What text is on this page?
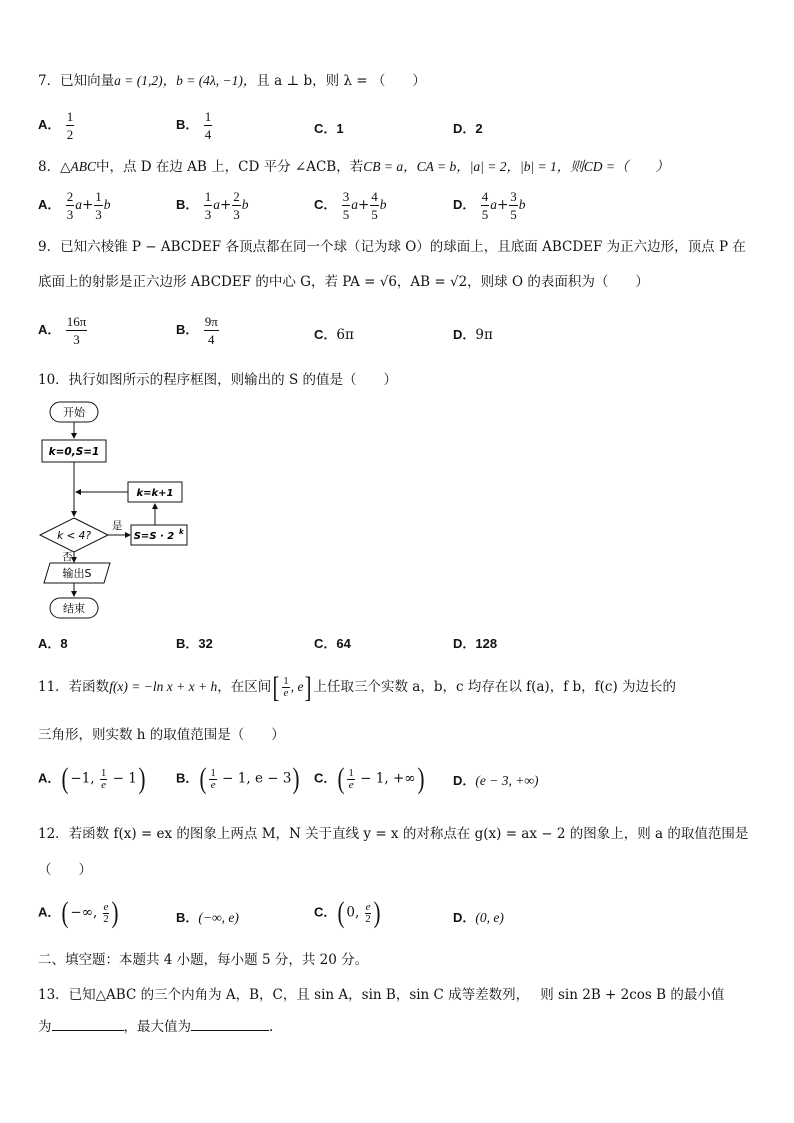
7．已知向量a = (1,2)，b = (4λ, −1)，且 a ⊥ b，则 λ = （　　）
A． $\frac{1}{2}$	B． $\frac{1}{4}$	C．1	D．2
8．△ABC中，点 D 在边 AB 上，CD 平分 ∠ACB，若CB = a，CA = b，|a| = 2，|b| = 1，则CD =（　　）
A． $\frac{2}{3} a+ \frac{1}{3}$ b	B． $\frac{1}{3} a+ \frac{2}{3}$ b	C． $\frac{3}{5} a+ \frac{4}{5}$ b	D． $\frac{4}{5} a+ \frac{3}{5}$ b
9．已知六棱锥 P − ABCDEF 各顶点都在同一个球（记为球 O）的球面上，且底面 ABCDEF 为正六边形，顶点 P 在
底面上的射影是正六边形 ABCDEF 的中心 G，若 PA = √6，AB = √2，则球 O 的表面积为（　　）
A． $\frac{16\pi}{3}$	B． $\frac{9\pi}{4}$	C．6π	D．9π
10．执行如图所示的程序框图，则输出的 S 的值是（　　）
开始
k=0,S=1
k=k+1
k < 4?
是
S=S · 2 k
否
输出S
结束
A．8	B．32	C．64	D．128
11．若函数f(x) = −ln x + x + h，在区间[ $\frac{1}{e}$ , e] 上任取三个实数 a，b，c 均存在以 f(a)，f b，f(c) 为边长的
三角形，则实数 h 的取值范围是（　　）
A．( −1, $\frac{1}{e} - 1$) B．( $\frac{1}{e} - 1$, e − 3) C．( $\frac{1}{e} - 1$, +∞) D．(e − 3, +∞)
12．若函数 f(x) = ex 的图象上两点 M，N 关于直线 y = x 的对称点在 g(x) = ax − 2 的图象上，则 a 的取值范围是
（　　）
A．( −∞, $\frac{e}{2}$ )	B．(−∞, e)	C．( 0, $\frac{e}{2}$ )	D．(0, e)
二、填空题：本题共 4 小题，每小题 5 分，共 20 分。
13．已知△ABC 的三个内角为 A，B，C，且 sin A，sin B，sin C 成等差数列，　 则 sin 2B + 2cos B 的最小值
为	，最大值为	.
